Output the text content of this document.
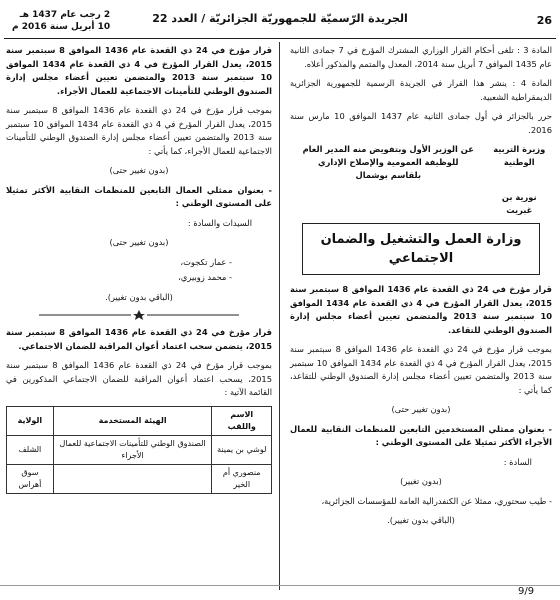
26
الجريدة الرّسميّة للجمهوريّة الجزائريّة / العدد 22
2 رجب عام 1437 هـ
10 أبريل سنة 2016 م

المادة 3 : تلغى أحكام القرار الوزاري المشترك المؤرخ في 7 جمادى الثانية عام 1435 الموافق 7 أبريل سنة 2014، المعدل والمتمم والمذكور أعلاه.

المادة 4 : ينشر هذا القرار في الجريدة الرسمية للجمهورية الجزائرية الديمقراطية الشعبية.

حرر بالجزائر في أول جمادى الثانية عام 1437 الموافق 10 مارس سنة 2016.

وزيرة التربية الوطنية
نورية بن غبريت

عن الوزير الأول وبتفويض منه المدير العام للوظيفة العمومية والإصلاح الإداري
بلقاسم بوشمال
وزارة العمل والتشغيل والضمان الاجتماعي

قرار مؤرخ في 24 ذي القعدة عام 1436 الموافق 8 سبتمبر سنة 2015، يعدل القرار المؤرخ في 4 ذي القعدة عام 1434 الموافق 10 سبتمبر سنة 2013 والمتضمن تعيين أعضاء مجلس إدارة الصندوق الوطني للتقاعد.

بموجب قرار مؤرخ في 24 ذي القعدة عام 1436 الموافق 8 سبتمبر سنة 2015، يعدل القرار المؤرخ في 4 ذي القعدة عام 1434 الموافق 10 سبتمبر سنة 2013 والمتضمن تعيين أعضاء مجلس إدارة الصندوق الوطني للتقاعد، كما يأتي :

(بدون تغيير حتى)

- بعنوان ممثلي المستخدمين التابعين للمنظمات النقابية للعمال الأجراء الأكثر تمثيلا على المستوى الوطني :

السادة :

(بدون تغيير)

- طيب سحتوري، ممثلا عن الكنفدرالية العامة للمؤسسات الجزائرية،

(الباقي بدون تغيير).

قرار مؤرخ في 24 ذي القعدة عام 1436 الموافق 8 سبتمبر سنة 2015، يعدل القرار المؤرخ في 4 ذي القعدة عام 1434 الموافق 10 سبتمبر سنة 2013 والمتضمن تعيين أعضاء مجلس إدارة الصندوق الوطني للتأمينات الاجتماعية للعمال الأجراء.

بموجب قرار مؤرخ في 24 ذي القعدة عام 1436 الموافق 8 سبتمبر سنة 2015، يعدل القرار المؤرخ في 4 ذي القعدة عام 1434 الموافق 10 سبتمبر سنة 2013 والمتضمن تعيين أعضاء مجلس إدارة الصندوق الوطني للتأمينات الاجتماعية للعمال الأجراء، كما يأتي :

(بدون تغيير حتى)

- بعنوان ممثلي العمال التابعين للمنظمات النقابية الأكثر تمثيلا على المستوى الوطني :

السيدات والسادة :

(بدون تغيير حتى)

- عمار تكجوت،

- محمد زوبيري،

(الباقي بدون تغيير).

قرار مؤرخ في 24 ذي القعدة عام 1436 الموافق 8 سبتمبر سنة 2015، يتضمن سحب اعتماد أعوان المراقبة للضمان الاجتماعي.

بموجب قرار مؤرخ في 24 ذي القعدة عام 1436 الموافق 8 سبتمبر سنة 2015، يسحب اعتماد أعوان المراقبة للضمان الاجتماعي المذكورين في القائمة الآتية :

الاسم واللقب	الهيئة المستخدمة	الولاية
لوشي بن يمينة	الصندوق الوطني للتأمينات الاجتماعية للعمال الأجراء	الشلف
منصوري أم الخير		سوق أهراس
9/9
